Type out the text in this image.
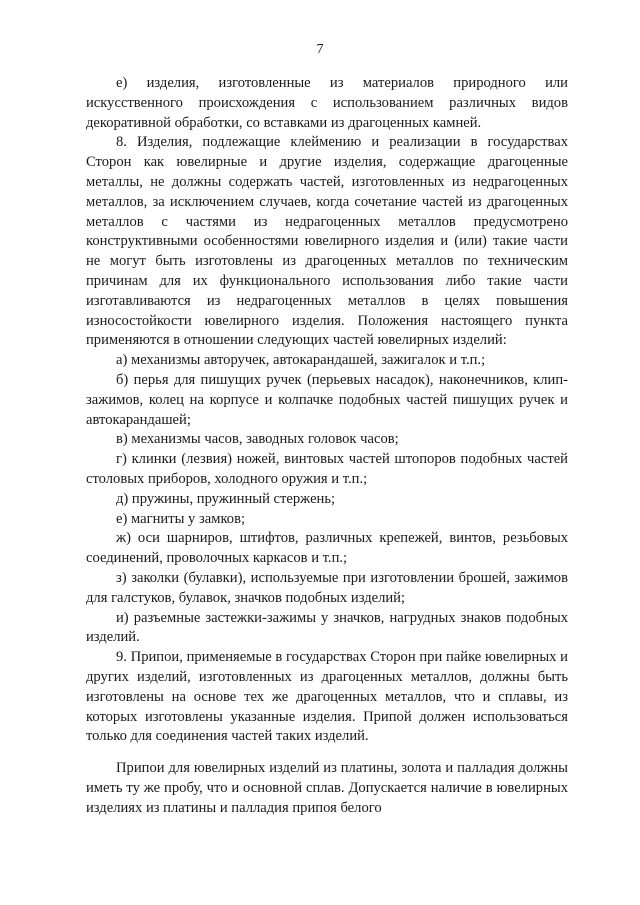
7

е) изделия, изготовленные из материалов природного или искусственного происхождения с использованием различных видов декоративной обработки, со вставками из драгоценных камней.

8. Изделия, подлежащие клеймению и реализации в государствах Сторон как ювелирные и другие изделия, содержащие драгоценные металлы, не должны содержать частей, изготовленных из недрагоценных металлов, за исключением случаев, когда сочетание частей из драгоценных металлов с частями из недрагоценных металлов предусмотрено конструктивными особенностями ювелирного изделия и (или) такие части не могут быть изготовлены из драгоценных металлов по техническим причинам для их функционального использования либо такие части изготавливаются из недрагоценных металлов в целях повышения износостойкости ювелирного изделия. Положения настоящего пункта применяются в отношении следующих частей ювелирных изделий:

а) механизмы авторучек, автокарандашей, зажигалок и т.п.;

б) перья для пишущих ручек (перьевых насадок), наконечников, клип-зажимов, колец на корпусе и колпачке подобных частей пишущих ручек и автокарандашей;

в) механизмы часов, заводных головок часов;

г) клинки (лезвия) ножей, винтовых частей штопоров подобных частей столовых приборов, холодного оружия и т.п.;

д) пружины, пружинный стержень;

е) магниты у замков;

ж) оси шарниров, штифтов, различных крепежей, винтов, резьбовых соединений, проволочных каркасов и т.п.;

з) заколки (булавки), используемые при изготовлении брошей, зажимов для галстуков, булавок, значков подобных изделий;

и) разъемные застежки-зажимы у значков, нагрудных знаков подобных изделий.

9. Припои, применяемые в государствах Сторон при пайке ювелирных и других изделий, изготовленных из драгоценных металлов, должны быть изготовлены на основе тех же драгоценных металлов, что и сплавы, из которых изготовлены указанные изделия. Припой должен использоваться только для соединения частей таких изделий.

Припои для ювелирных изделий из платины, золота и палладия должны иметь ту же пробу, что и основной сплав. Допускается наличие в ювелирных изделиях из платины и палладия припоя белого
